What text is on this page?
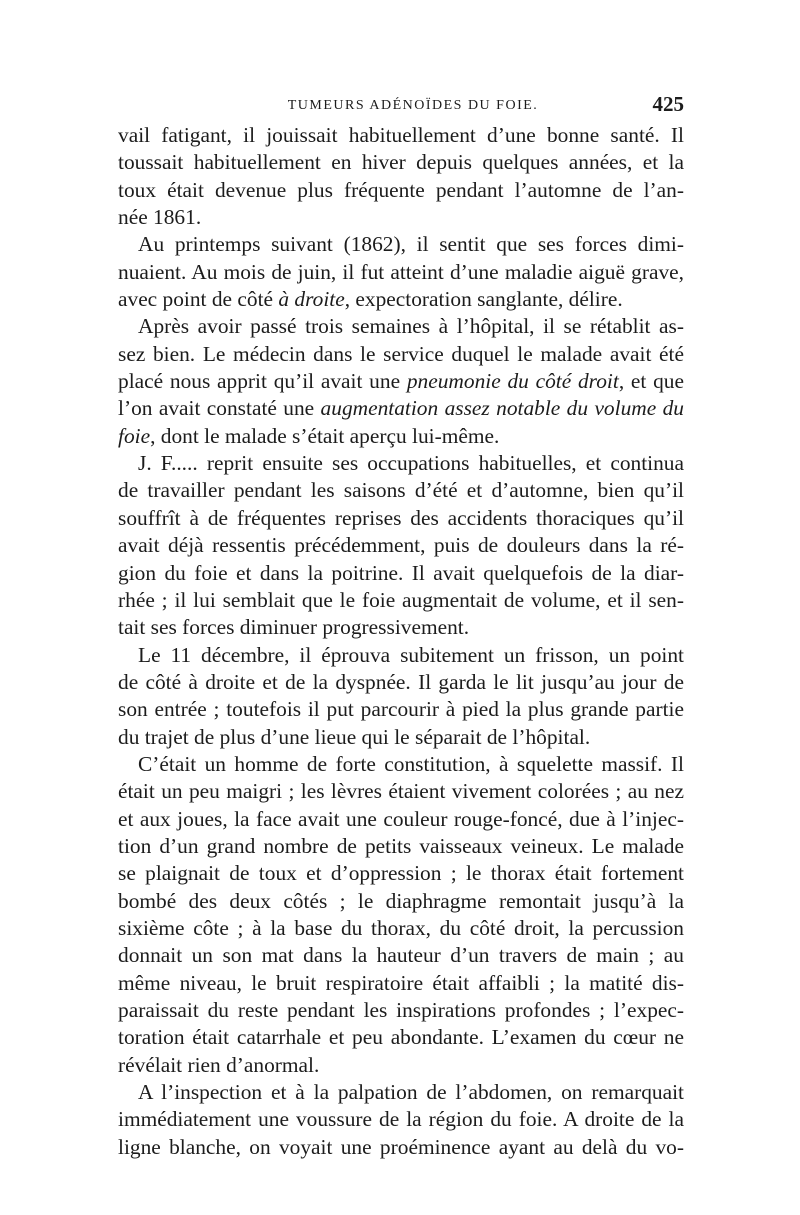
TUMEURS ADÉNOÏDES DU FOIE.	425
vail fatigant, il jouissait habituellement d’une bonne santé. Il
toussait habituellement en hiver depuis quelques années, et la
toux était devenue plus fréquente pendant l’automne de l’an-
née 1861.
Au printemps suivant (1862), il sentit que ses forces dimi-
nuaient. Au mois de juin, il fut atteint d’une maladie aiguë grave,
avec point de côté à droite, expectoration sanglante, délire.
Après avoir passé trois semaines à l’hôpital, il se rétablit as-
sez bien. Le médecin dans le service duquel le malade avait été
placé nous apprit qu’il avait une pneumonie du côté droit, et que
l’on avait constaté une augmentation assez notable du volume du
foie, dont le malade s’était aperçu lui-même.
J. F..... reprit ensuite ses occupations habituelles, et continua
de travailler pendant les saisons d’été et d’automne, bien qu’il
souffrît à de fréquentes reprises des accidents thoraciques qu’il
avait déjà ressentis précédemment, puis de douleurs dans la ré-
gion du foie et dans la poitrine. Il avait quelquefois de la diar-
rhée ; il lui semblait que le foie augmentait de volume, et il sen-
tait ses forces diminuer progressivement.
Le 11 décembre, il éprouva subitement un frisson, un point
de côté à droite et de la dyspnée. Il garda le lit jusqu’au jour de
son entrée ; toutefois il put parcourir à pied la plus grande partie
du trajet de plus d’une lieue qui le séparait de l’hôpital.
C’était un homme de forte constitution, à squelette massif. Il
était un peu maigri ; les lèvres étaient vivement colorées ; au nez
et aux joues, la face avait une couleur rouge-foncé, due à l’injec-
tion d’un grand nombre de petits vaisseaux veineux. Le malade
se plaignait de toux et d’oppression ; le thorax était fortement
bombé des deux côtés ; le diaphragme remontait jusqu’à la
sixième côte ; à la base du thorax, du côté droit, la percussion
donnait un son mat dans la hauteur d’un travers de main ; au
même niveau, le bruit respiratoire était affaibli ; la matité dis-
paraissait du reste pendant les inspirations profondes ; l’expec-
toration était catarrhale et peu abondante. L’examen du cœur ne
révélait rien d’anormal.
A l’inspection et à la palpation de l’abdomen, on remarquait
immédiatement une voussure de la région du foie. A droite de la
ligne blanche, on voyait une proéminence ayant au delà du vo-
